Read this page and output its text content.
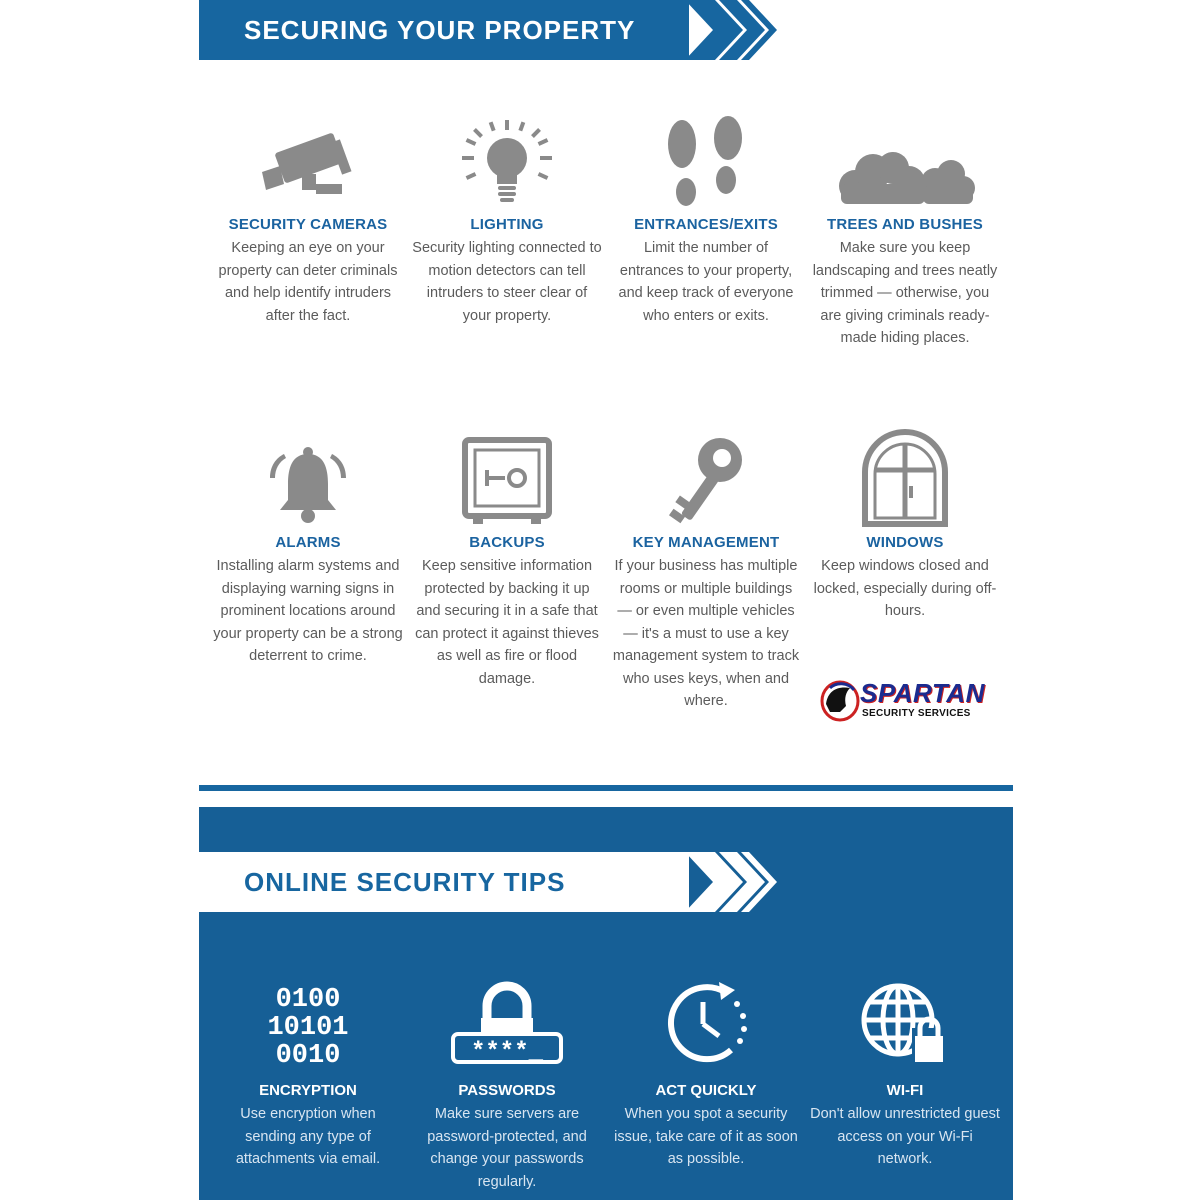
SECURING YOUR PROPERTY
SECURITY CAMERAS

Keeping an eye on your property can deter criminals and help identify intruders after the fact.

LIGHTING

Security lighting connected to motion detectors can tell intruders to steer clear of your property.

ENTRANCES/EXITS

Limit the number of entrances to your property, and keep track of everyone who enters or exits.

TREES AND BUSHES

Make sure you keep landscaping and trees neatly trimmed — otherwise, you are giving criminals ready-made hiding places.

ALARMS

Installing alarm systems and displaying warning signs in prominent locations around your property can be a strong deterrent to crime.

BACKUPS

Keep sensitive information protected by backing it up and securing it in a safe that can protect it against thieves as well as fire or flood damage.

KEY MANAGEMENT

If your business has multiple rooms or multiple buildings — or even multiple vehicles — it's a must to use a key management system to track who uses keys, when and where.

WINDOWS

Keep windows closed and locked, especially during off-hours.

SPARTAN
SECURITY SERVICES
ONLINE SECURITY TIPS
0100
10101
0010
ENCRYPTION

Use encryption when sending any type of attachments via email.

****_
PASSWORDS

Make sure servers are password-protected, and change your passwords regularly.

ACT QUICKLY

When you spot a security issue, take care of it as soon as possible.

WI-FI

Don't allow unrestricted guest access on your Wi-Fi network.
